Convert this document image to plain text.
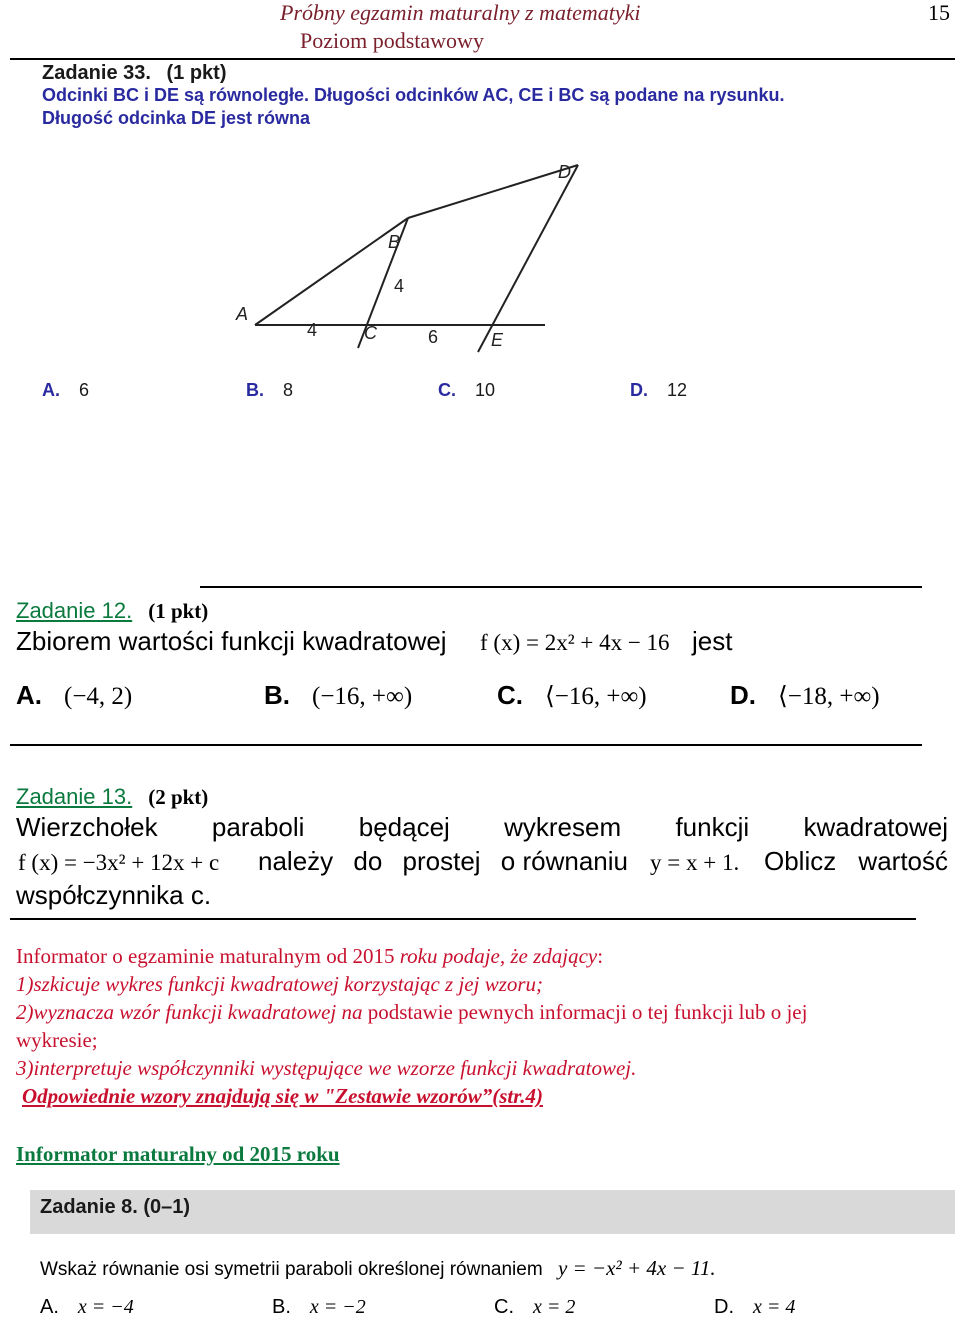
Próbny egzamin maturalny z matematyki
Poziom podstawowy
15
Zadanie 33. (1 pkt)
Odcinki BC i DE są równoległe. Długości odcinków AC, CE i BC są podane na rysunku.
Długość odcinka DE jest równa
A
B
C
D
E
4
4	6
A. 6	B. 8	C. 10	D. 12
Zadanie 12. (1 pkt)
Zbiorem wartości funkcji kwadratowej f (x) = 2x² + 4x − 16 jest
A. (−4, 2)	B. (−16, +∞)	C. ⟨−16, +∞)	D. ⟨−18, +∞)
Zadanie 13. (2 pkt)
Wierzchołek paraboli będącej wykresem funkcji kwadratowej
f (x) = −3x² + 12x + c należy do prostej o równaniu y = x + 1. Oblicz wartość
współczynnika c.
Informator o egzaminie maturalnym od 2015 roku podaje, że zdający:
1)szkicuje wykres funkcji kwadratowej korzystając z jej wzoru;
2)wyznacza wzór funkcji kwadratowej na podstawie pewnych informacji o tej funkcji lub o jej
wykresie;
3)interpretuje współczynniki występujące we wzorze funkcji kwadratowej.
Odpowiednie wzory znajdują się w "Zestawie wzorów”(str.4)
Informator maturalny od 2015 roku
Zadanie 8. (0–1)
Wskaż równanie osi symetrii paraboli określonej równaniem y = −x² + 4x − 11.
A. x = −4	B. x = −2	C. x = 2	D. x = 4
